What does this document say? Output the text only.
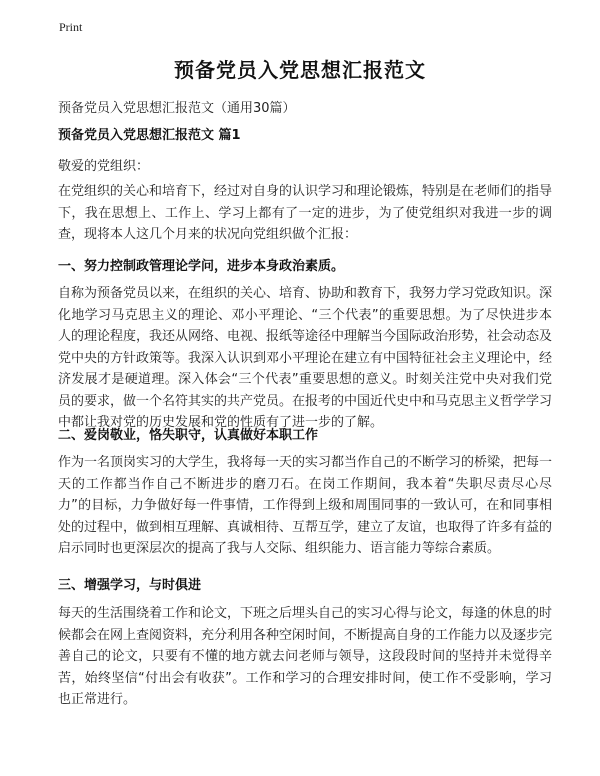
Print
预备党员入党思想汇报范文

预备党员入党思想汇报范文（通用30篇）

预备党员入党思想汇报范文 篇1

敬爱的党组织：

在党组织的关心和培育下，经过对自身的认识学习和理论锻炼，特别是在老师们的指导下，我在思想上、工作上、学习上都有了一定的进步，为了使党组织对我进一步的调查，现将本人这几个月来的状况向党组织做个汇报：

一、努力控制政管理论学问，进步本身政治素质。

自称为预备党员以来，在组织的关心、培育、协助和教育下，我努力学习党政知识。深化地学习马克思主义的理论、邓小平理论、“三个代表”的重要思想。为了尽快进步本人的理论程度，我还从网络、电视、报纸等途径中理解当今国际政治形势，社会动态及党中央的方针政策等。我深入认识到邓小平理论在建立有中国特征社会主义理论中，经济发展才是硬道理。深入体会“三个代表”重要思想的意义。时刻关注党中央对我们党员的要求，做一个名符其实的共产党员。在报考的中国近代史中和马克思主义哲学学习中都让我对党的历史发展和党的性质有了进一步的了解。

二、爱岗敬业，恪失职守，认真做好本职工作

作为一名顶岗实习的大学生，我将每一天的实习都当作自己的不断学习的桥梁，把每一天的工作都当作自己不断进步的磨刀石。在岗工作期间，我本着“失职尽责尽心尽力”的目标，力争做好每一件事情，工作得到上级和周围同事的一致认可，在和同事相处的过程中，做到相互理解、真诚相待、互帮互学，建立了友谊，也取得了许多有益的启示同时也更深层次的提高了我与人交际、组织能力、语言能力等综合素质。

三、增强学习，与时俱进

每天的生活围绕着工作和论文，下班之后埋头自己的实习心得与论文，每逢的休息的时候都会在网上查阅资料，充分利用各种空闲时间，不断提高自身的工作能力以及逐步完善自己的论文，只要有不懂的地方就去问老师与领导，这段段时间的坚持并未觉得辛苦，始终坚信“付出会有收获”。工作和学习的合理安排时间，使工作不受影响，学习也正常进行。
